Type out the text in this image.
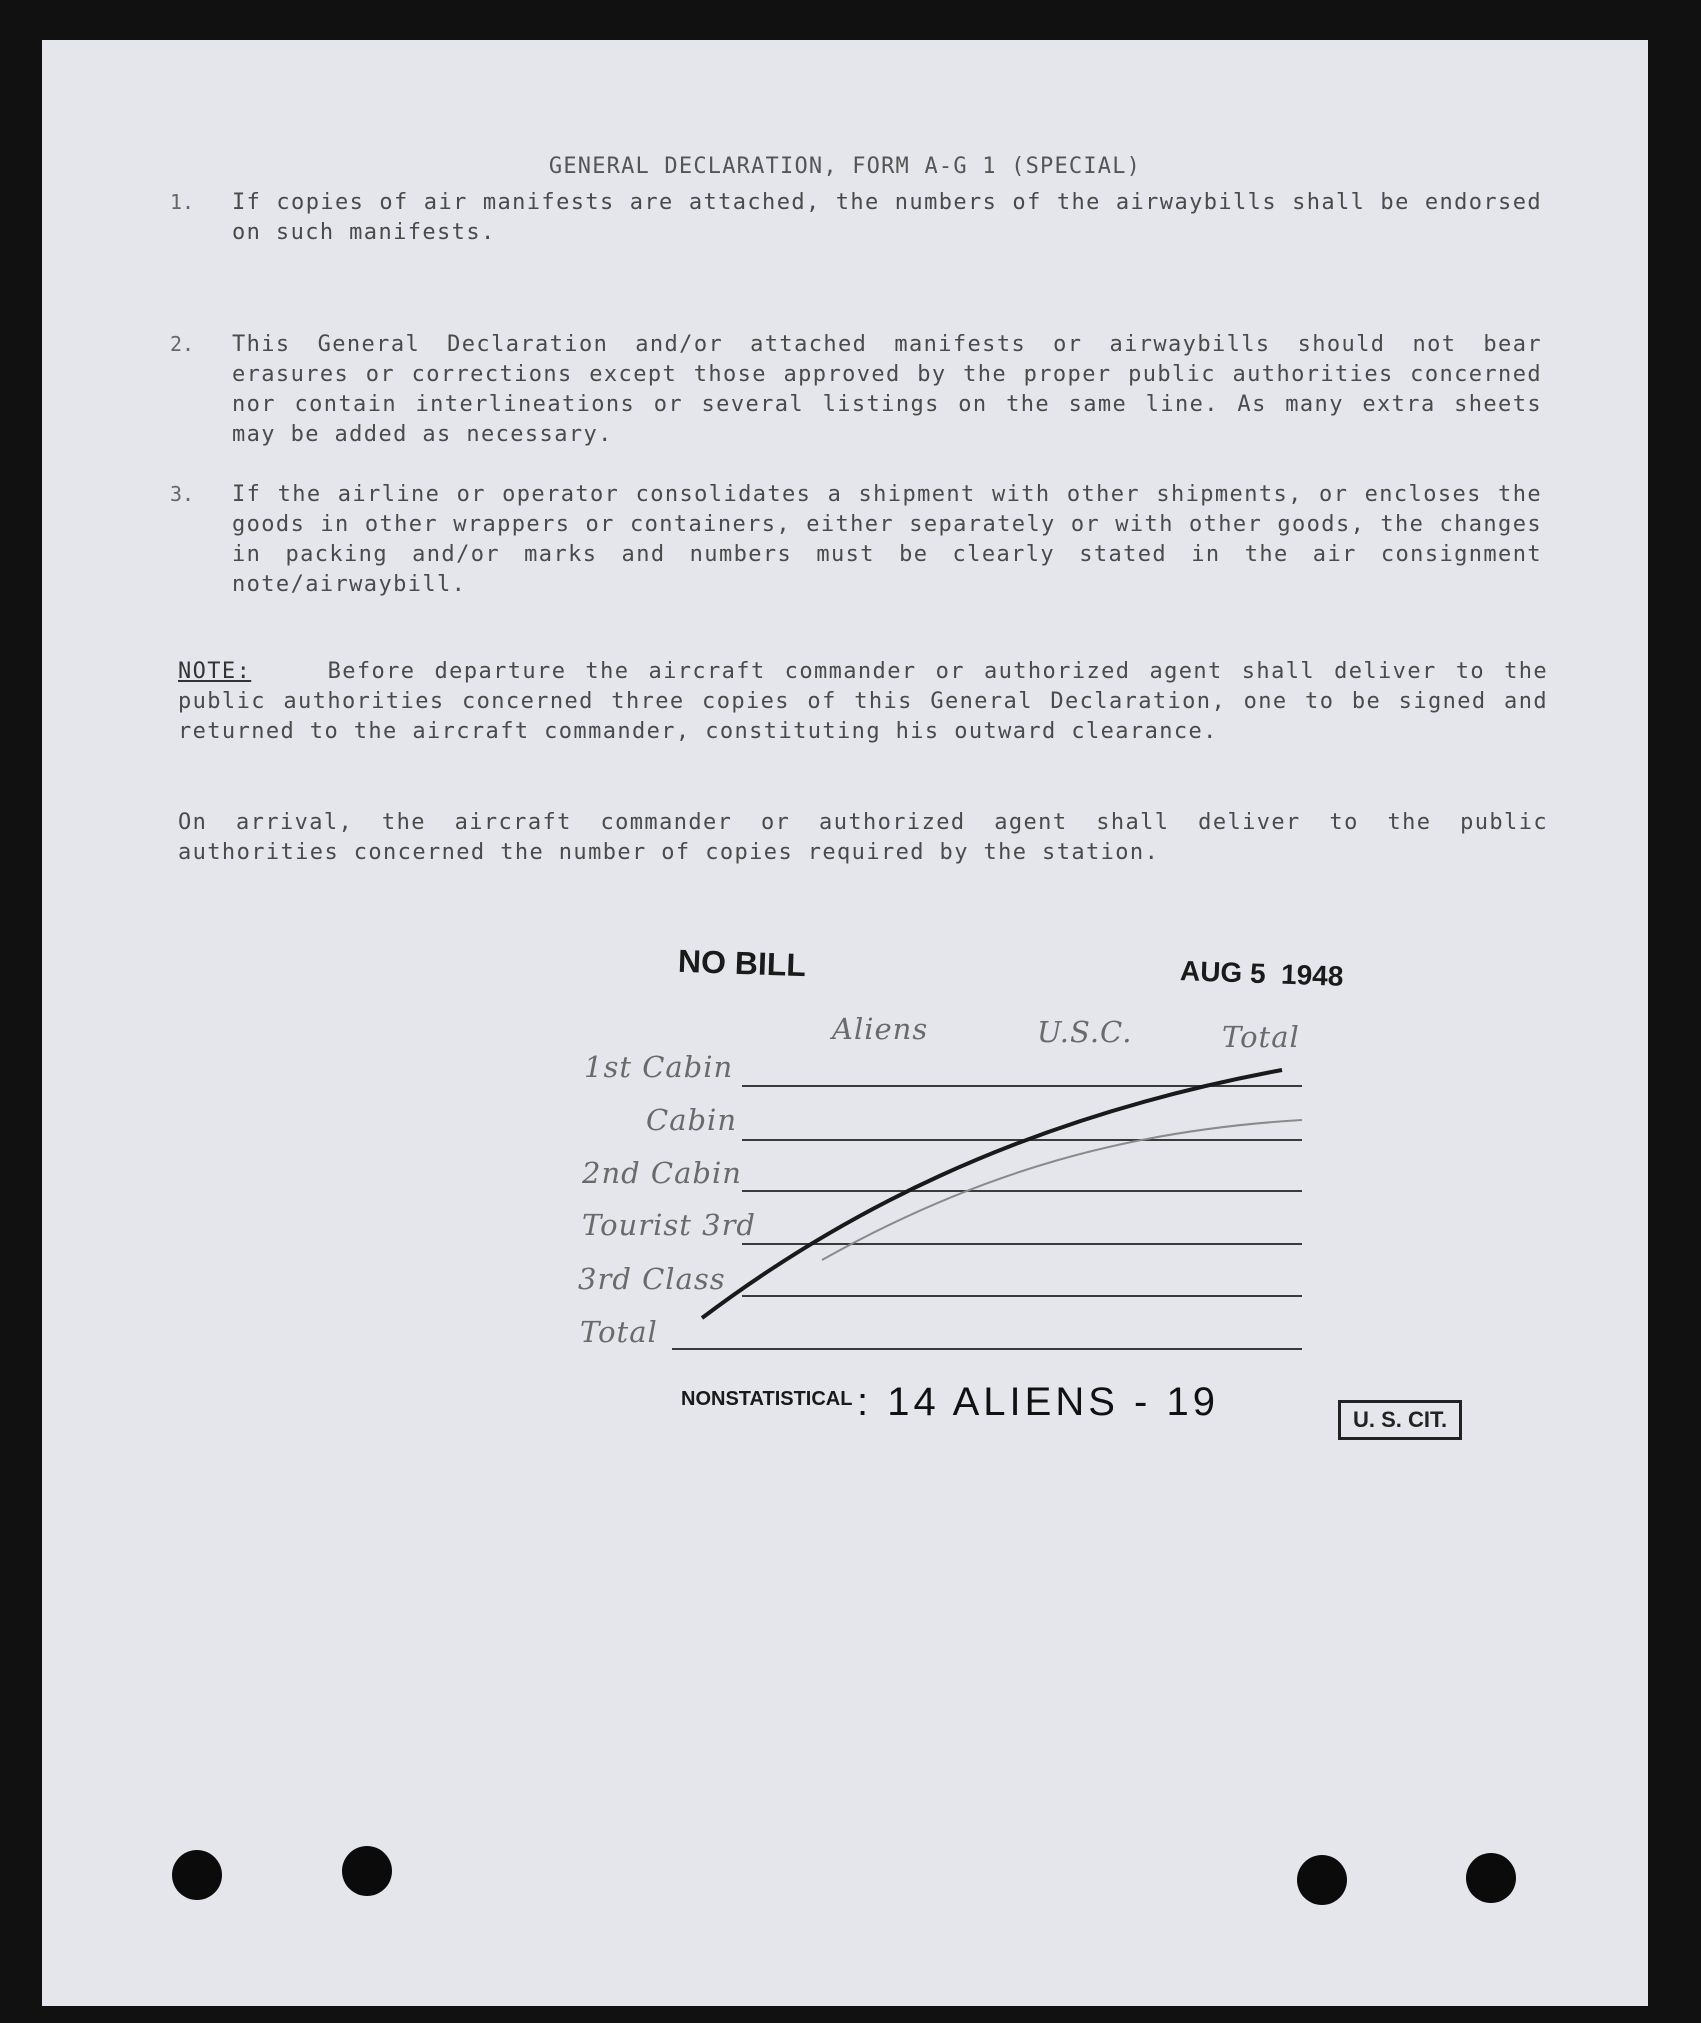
GENERAL DECLARATION, FORM A-G 1 (SPECIAL)
1. If copies of air manifests are attached, the numbers of the airwaybills shall be endorsed on such manifests.
2. This General Declaration and/or attached manifests or airwaybills should not bear erasures or corrections except those approved by the proper public authorities concerned nor contain interlineations or several listings on the same line. As many extra sheets may be added as necessary.
3. If the airline or operator consolidates a shipment with other shipments, or encloses the goods in other wrappers or containers, either separately or with other goods, the changes in packing and/or marks and numbers must be clearly stated in the air consignment note/airwaybill.
NOTE:	Before departure the aircraft commander or authorized agent shall deliver to the public authorities concerned three copies of this General Declaration, one to be signed and returned to the aircraft commander, constituting his outward clearance.
On arrival, the aircraft commander or authorized agent shall deliver to the public authorities concerned the number of copies required by the station.
NO BILL	AUG 5  1948
Aliens	U.S.C.	Total
1st Cabin
Cabin
2nd Cabin
Tourist 3rd
3rd Class
Total
NONSTATISTICAL : 14 ALIENS - 19	U. S. CIT.
